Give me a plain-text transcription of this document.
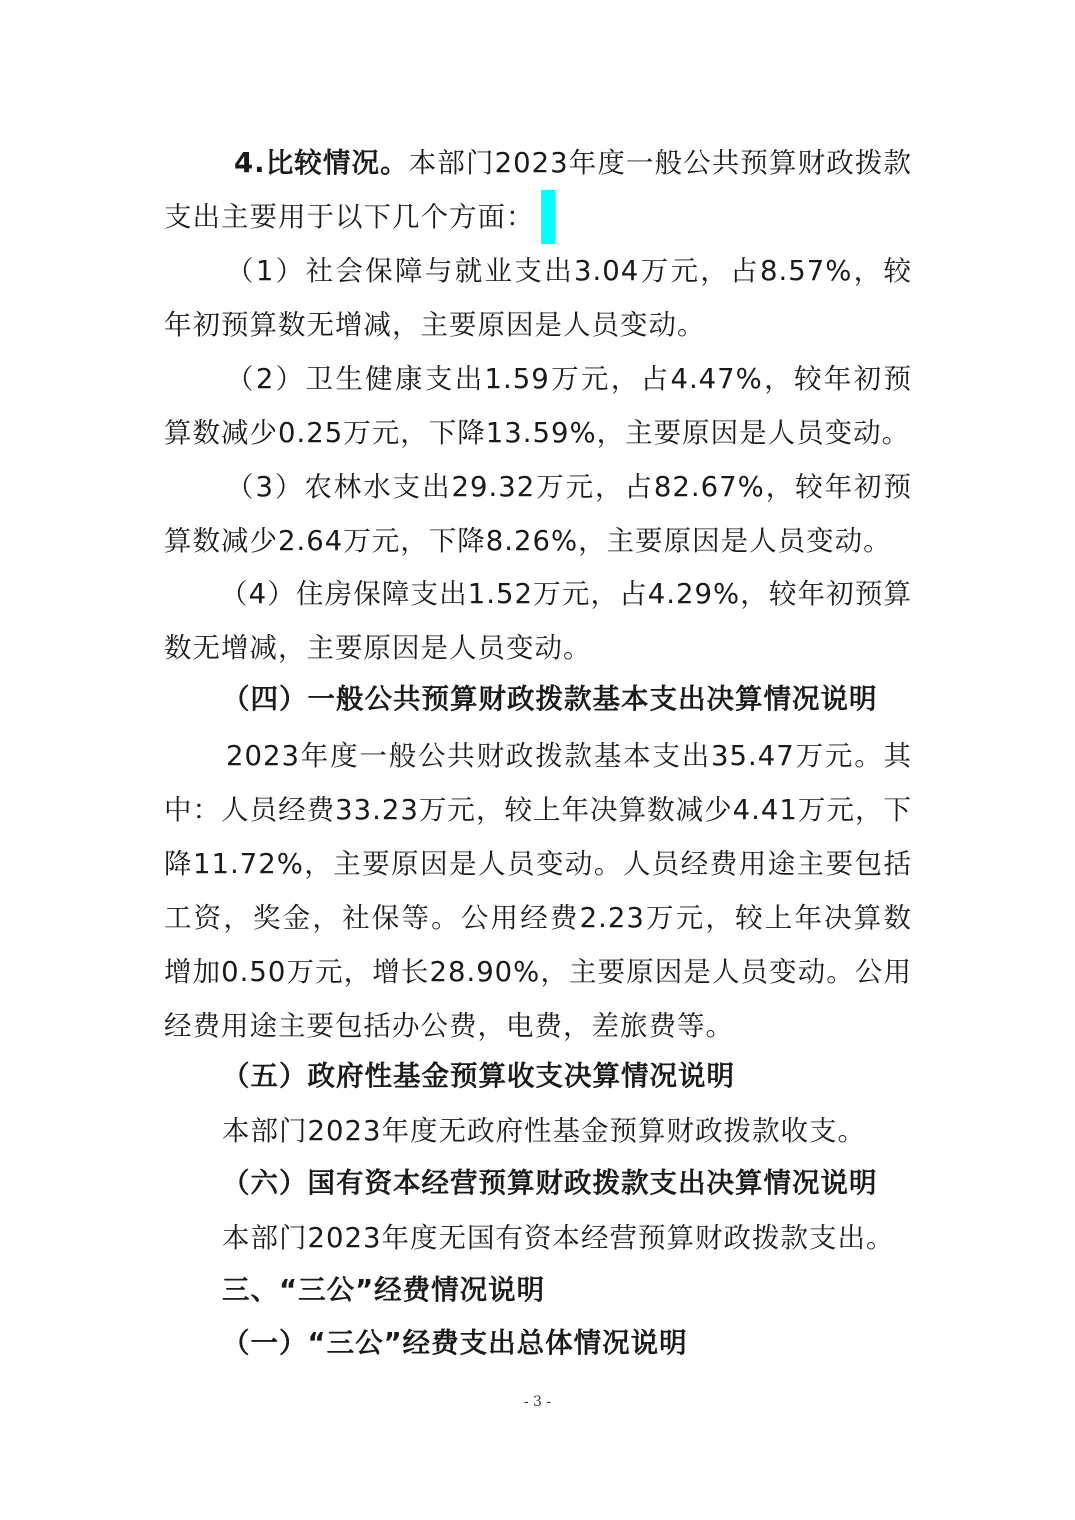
4.比较情况。本部门2023年度一般公共预算财政拨款支出主要用于以下几个方面：

（1）社会保障与就业支出3.04万元，占8.57%，较年初预算数无增减，主要原因是人员变动。

（2）卫生健康支出1.59万元，占4.47%，较年初预算数减少0.25万元，下降13.59%，主要原因是人员变动。

（3）农林水支出29.32万元，占82.67%，较年初预算数减少2.64万元，下降8.26%，主要原因是人员变动。

（4）住房保障支出1.52万元，占4.29%，较年初预算数无增减，主要原因是人员变动。

（四）一般公共预算财政拨款基本支出决算情况说明

2023年度一般公共财政拨款基本支出35.47万元。其中：人员经费33.23万元，较上年决算数减少4.41万元，下降11.72%，主要原因是人员变动。人员经费用途主要包括工资，奖金，社保等。公用经费2.23万元，较上年决算数增加0.50万元，增长28.90%，主要原因是人员变动。公用经费用途主要包括办公费，电费，差旅费等。

（五）政府性基金预算收支决算情况说明

本部门2023年度无政府性基金预算财政拨款收支。

（六）国有资本经营预算财政拨款支出决算情况说明

本部门2023年度无国有资本经营预算财政拨款支出。

三、“三公”经费情况说明

（一）“三公”经费支出总体情况说明

- 3 -
